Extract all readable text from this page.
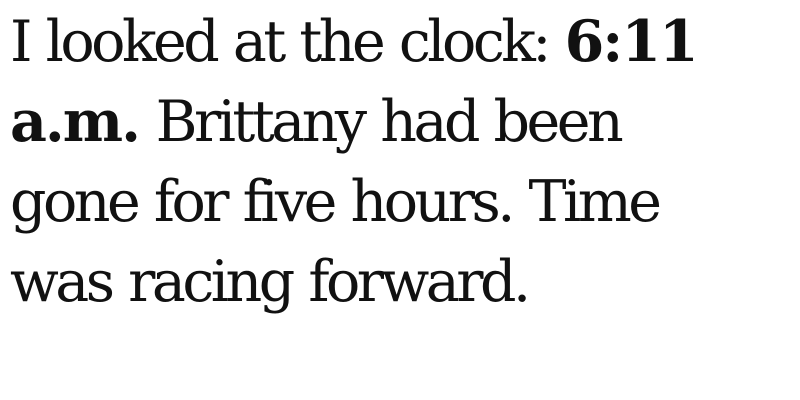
I looked at the clock: 6:11 a.m. Brittany had been gone for five hours. Time was racing forward.
